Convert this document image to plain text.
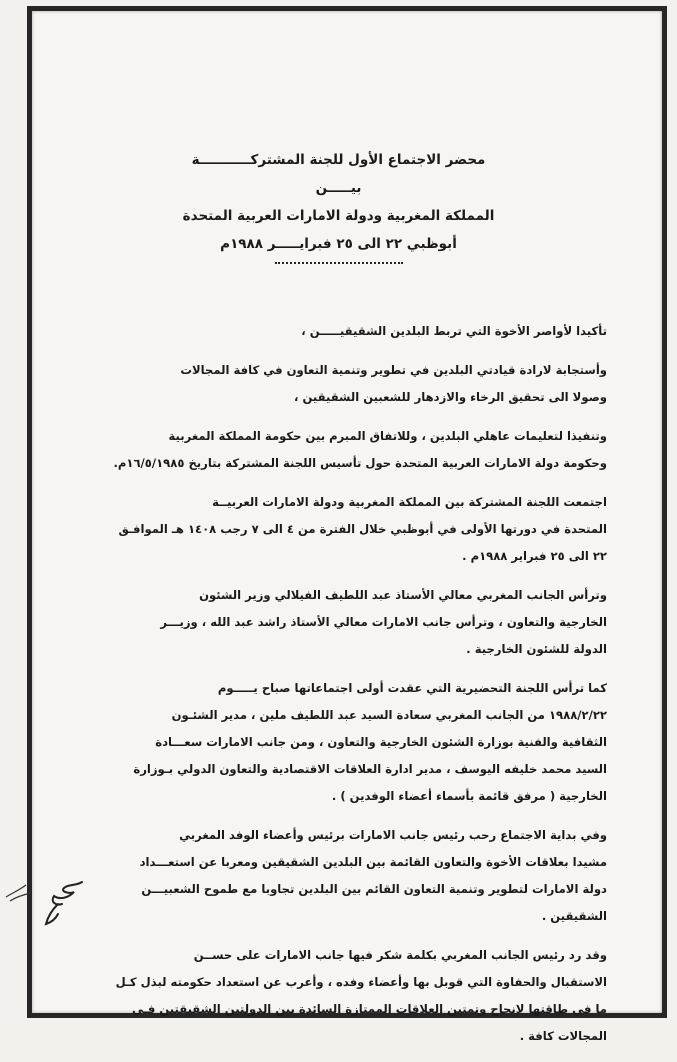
محضر الاجتماع الأول للجنة المشتركـــــــــــة
بيـــــن
المملكة المغربية ودولة الامارات العربية المتحدة
أبوظبي ٢٢ الى ٢٥ فبرايـــــر ١٩٨٨م
تأكيدا لأواصر الأخوة التي تربط البلدين الشقيقيـــــن ،
وأستجابة لارادة قيادتي البلدين في تطوير وتنمية التعاون في كافة المجالات
وصولا الى تحقيق الرخاء والازدهار للشعبين الشقيقين ،
وتنفيذا لتعليمات عاهلي البلدين ، وللاتفاق المبرم بين حكومة المملكة المغربية
وحكومة دولة الامارات العربية المتحدة حول تأسيس اللجنة المشتركة بتاريخ ١٦/٥/١٩٨٥م.
اجتمعت اللجنة المشتركة بين المملكة المغربية ودولة الامارات العربيــة
المتحدة في دورتها الأولى في أبوظبي خلال الفترة من ٤ الى ٧ رجب ١٤٠٨ هـ الموافـق
٢٢ الى ٢٥ فبراير ١٩٨٨م .
وترأس الجانب المغربي معالي الأستاذ عبد اللطيف الفيلالي وزير الشئون
الخارجية والتعاون ، وترأس جانب الامارات معالي الأستاذ راشد عبد الله ، وزيـــر
الدولة للشئون الخارجية .
كما ترأس اللجنة التحضيرية التي عقدت أولى اجتماعاتها صباح يـــــوم
١٩٨٨/٢/٢٢ من الجانب المغربي سعادة السيد عبد اللطيف ملين ، مدير الشئـون
الثقافية والفنية بوزارة الشئون الخارجية والتعاون ، ومن جانب الامارات سعـــادة
السيد محمد خليفه اليوسف ، مدير ادارة العلاقات الاقتصادية والتعاون الدولي بـوزارة
الخارجية ( مرفق قائمة بأسماء أعضاء الوفدين ) .
وفي بداية الاجتماع رحب رئيس جانب الامارات برئيس وأعضاء الوفد المغربي
مشيدا بعلاقات الأخوة والتعاون القائمة بين البلدين الشقيقين ومعربا عن استعـــداد
دولة الامارات لتطوير وتنمية التعاون القائم بين البلدين تجاوبا مع طموح الشعبيـــن
الشقيقين .
وقد رد رئيس الجانب المغربي بكلمة شكر فيها جانب الامارات على حســن
الاستقبال والحفاوة التي قوبل بها وأعضاء وفده ، وأعرب عن استعداد حكومته لبذل كـل
ما في طاقتها لانجاح وتمتين العلاقات الممتازة السائدة بين الدولتين الشقيقتين فـي
المجالات كافة .
